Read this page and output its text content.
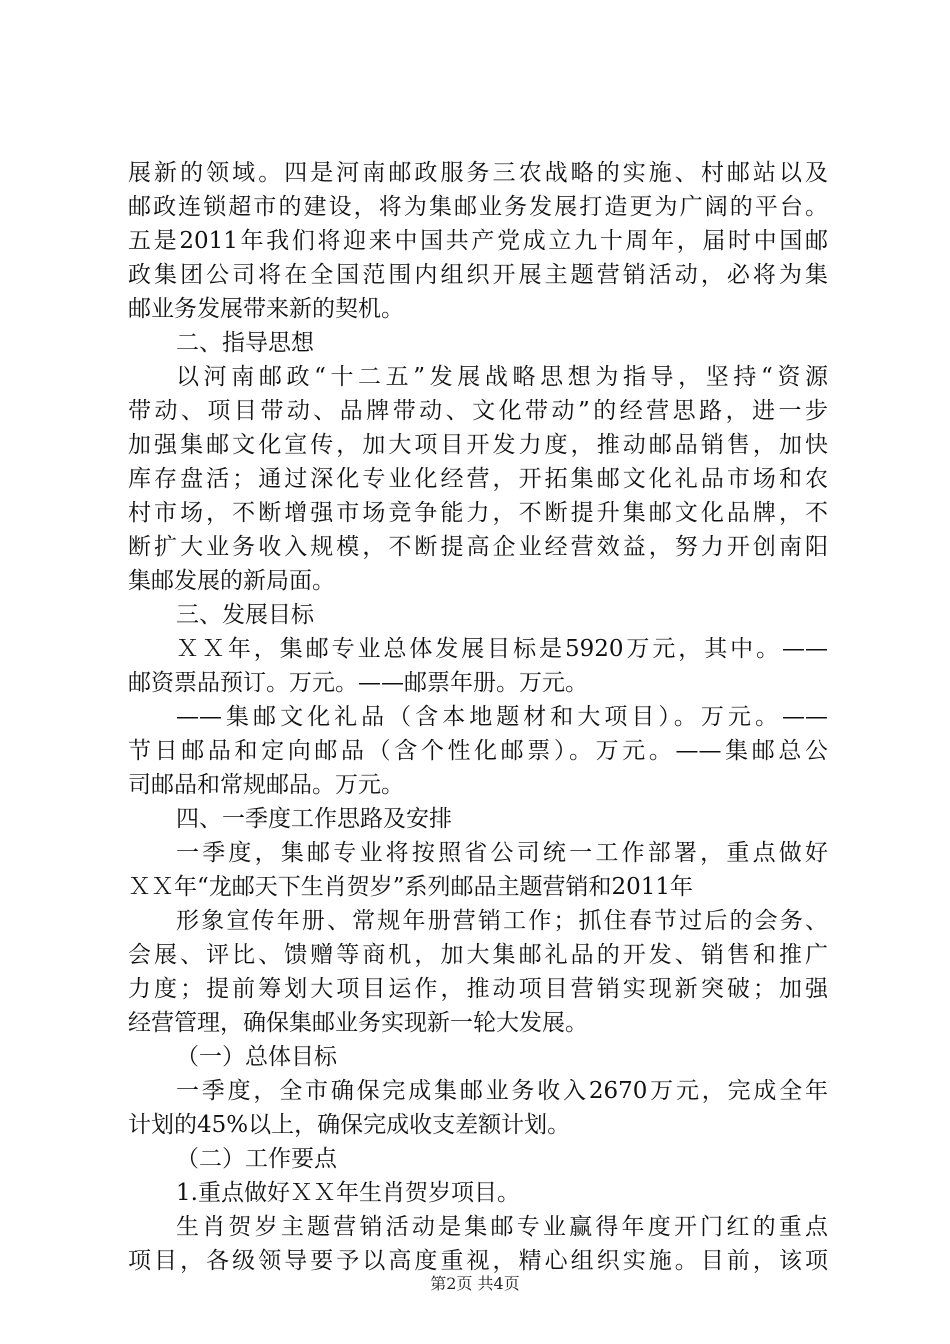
展新的领域。四是河南邮政服务三农战略的实施、村邮站以及
邮政连锁超市的建设，将为集邮业务发展打造更为广阔的平台。
五是2011年我们将迎来中国共产党成立九十周年，届时中国邮
政集团公司将在全国范围内组织开展主题营销活动，必将为集
邮业务发展带来新的契机。
二、指导思想
以河南邮政“十二五”发展战略思想为指导，坚持“资源
带动、项目带动、品牌带动、文化带动”的经营思路，进一步
加强集邮文化宣传，加大项目开发力度，推动邮品销售，加快
库存盘活；通过深化专业化经营，开拓集邮文化礼品市场和农
村市场，不断增强市场竞争能力，不断提升集邮文化品牌，不
断扩大业务收入规模，不断提高企业经营效益，努力开创南阳
集邮发展的新局面。
三、发展目标
ＸＸ年，集邮专业总体发展目标是5920万元，其中。——
邮资票品预订。万元。——邮票年册。万元。
——集邮文化礼品（含本地题材和大项目）。万元。——
节日邮品和定向邮品（含个性化邮票）。万元。——集邮总公
司邮品和常规邮品。万元。
四、一季度工作思路及安排
一季度，集邮专业将按照省公司统一工作部署，重点做好
ＸＸ年“龙邮天下生肖贺岁”系列邮品主题营销和2011年
形象宣传年册、常规年册营销工作；抓住春节过后的会务、
会展、评比、馈赠等商机，加大集邮礼品的开发、销售和推广
力度；提前筹划大项目运作，推动项目营销实现新突破；加强
经营管理，确保集邮业务实现新一轮大发展。
（一）总体目标
一季度，全市确保完成集邮业务收入2670万元，完成全年
计划的45%以上，确保完成收支差额计划。
（二）工作要点
1.重点做好ＸＸ年生肖贺岁项目。
生肖贺岁主题营销活动是集邮专业赢得年度开门红的重点
项目，各级领导要予以高度重视，精心组织实施。目前，该项
第2页 共4页
